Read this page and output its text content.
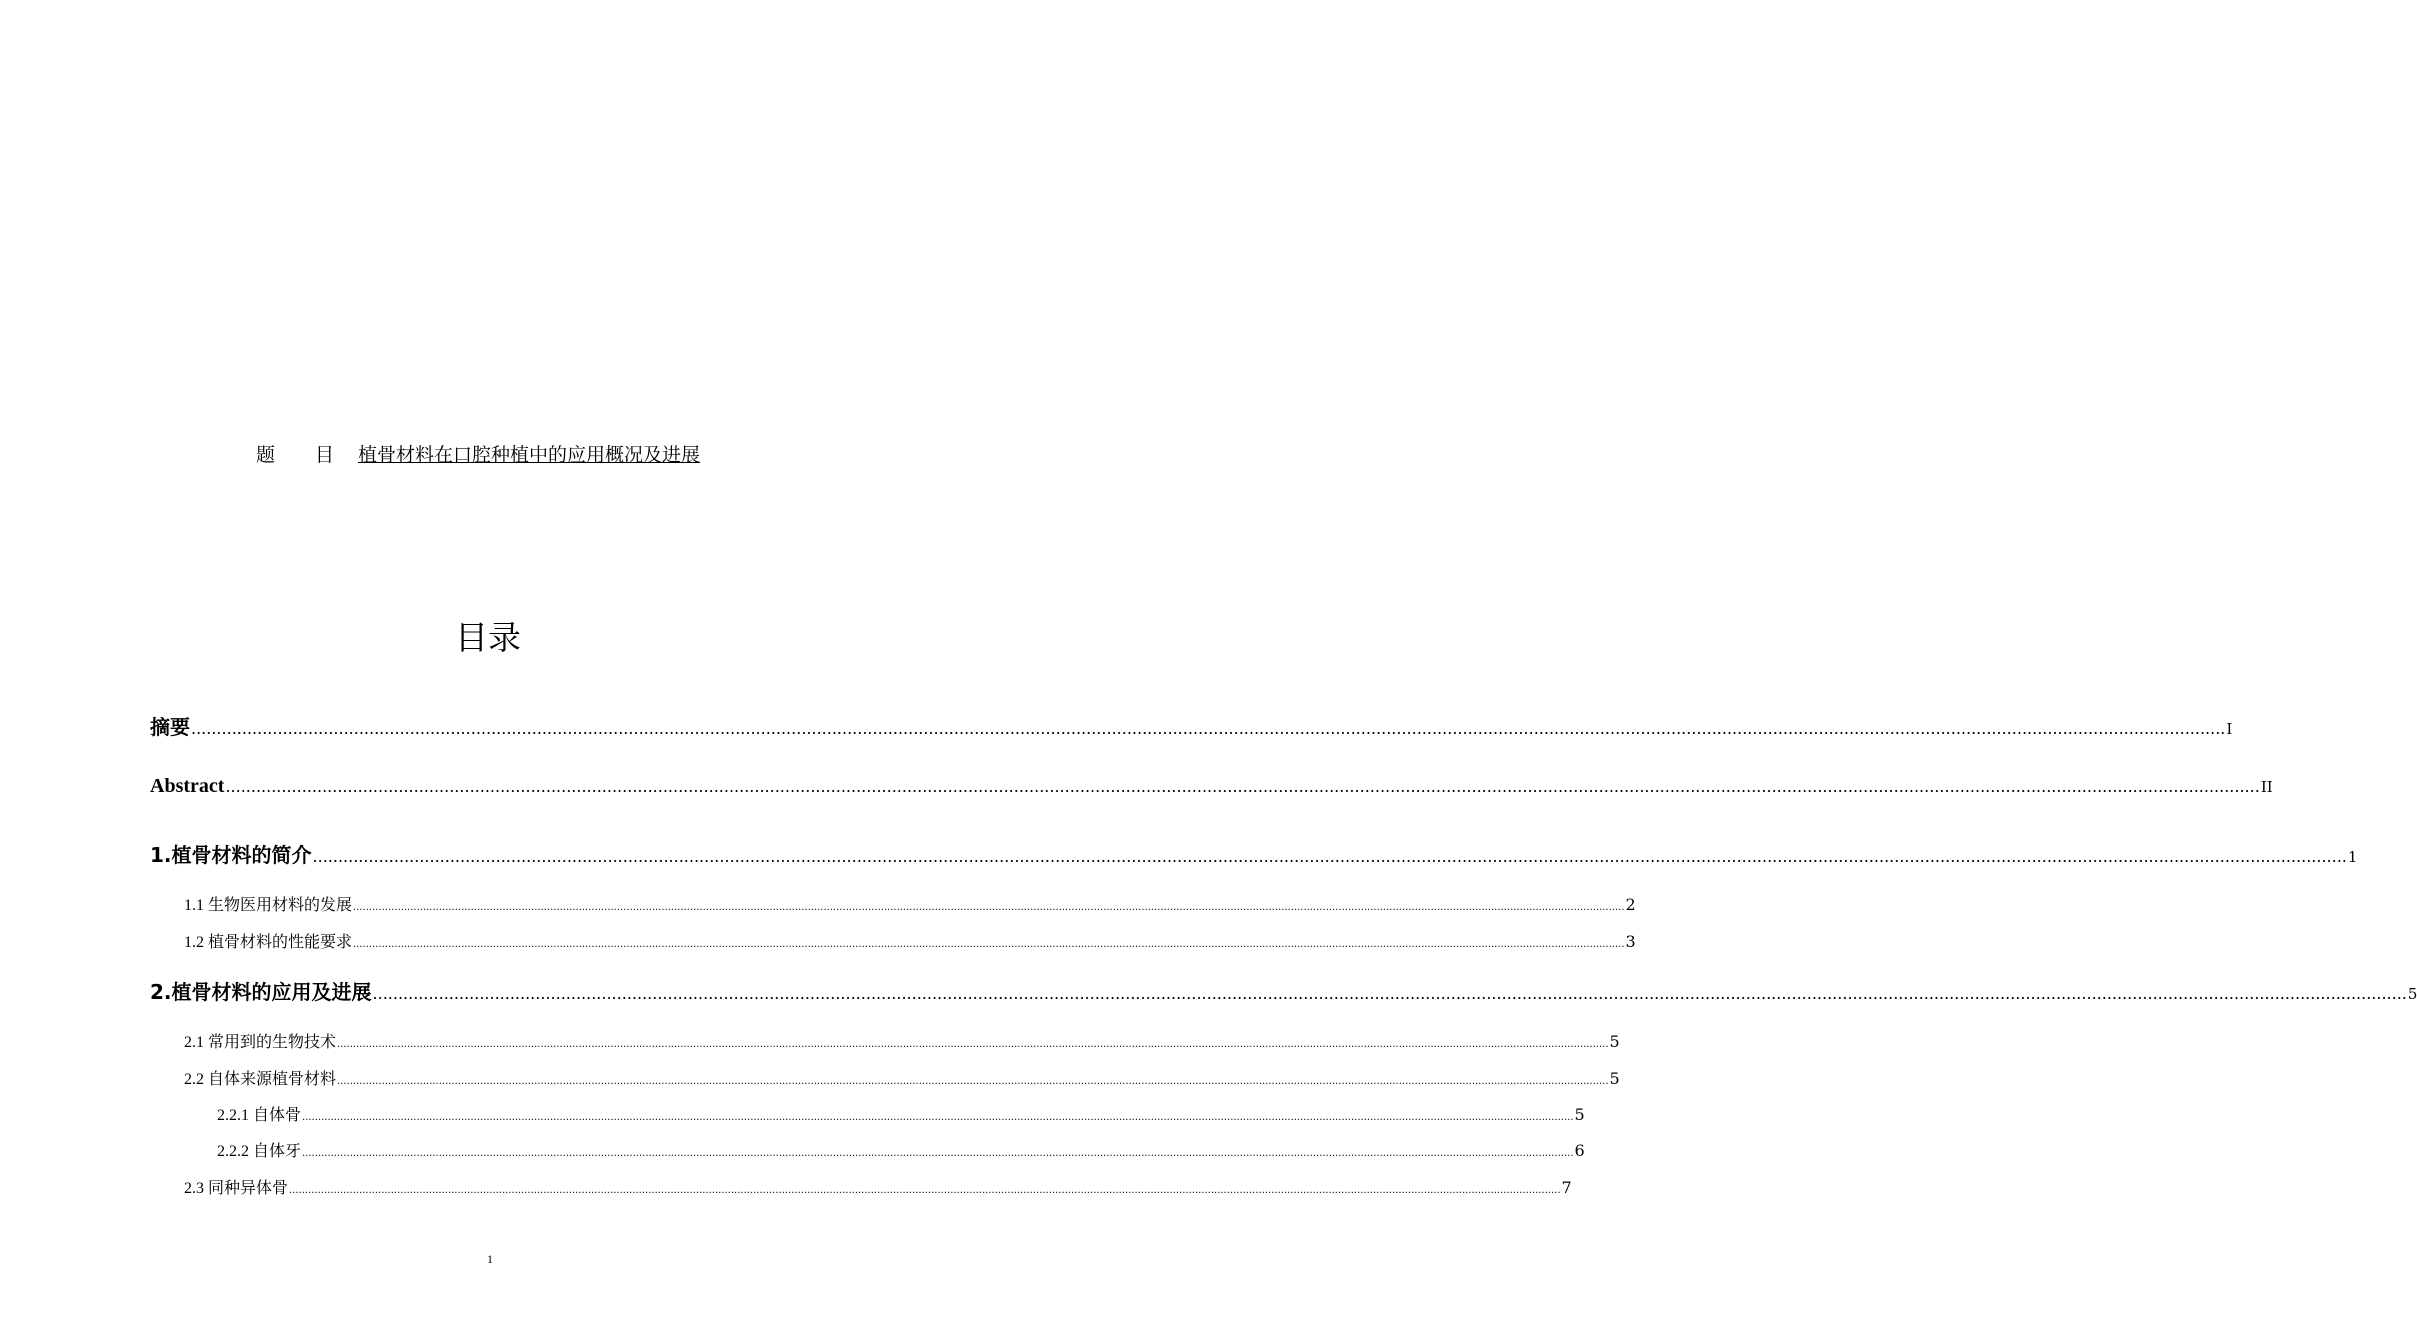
题 目 植骨材料在口腔种植中的应用概况及进展
目录
摘要 ................................................................................................................................................................................................................................................................................................................................................................................................................ I
Abstract ................................................................................................................................................................................................................................................................................................................................................................................................................ II
1.植骨材料的简介 ................................................................................................................................................................................................................................................................................................................................................................................................................ 1
1.1 生物医用材料的发展 ................................................................................................................................................................................................................................................................................................................................................................................................................ 2
1.2 植骨材料的性能要求 ................................................................................................................................................................................................................................................................................................................................................................................................................ 3
2.植骨材料的应用及进展 ................................................................................................................................................................................................................................................................................................................................................................................................................ 5
2.1 常用到的生物技术 ................................................................................................................................................................................................................................................................................................................................................................................................................ 5
2.2 自体来源植骨材料 ................................................................................................................................................................................................................................................................................................................................................................................................................ 5
2.2.1 自体骨 ................................................................................................................................................................................................................................................................................................................................................................................................................ 5
2.2.2 自体牙 ................................................................................................................................................................................................................................................................................................................................................................................................................ 6
2.3 同种异体骨 ................................................................................................................................................................................................................................................................................................................................................................................................................ 7
1
